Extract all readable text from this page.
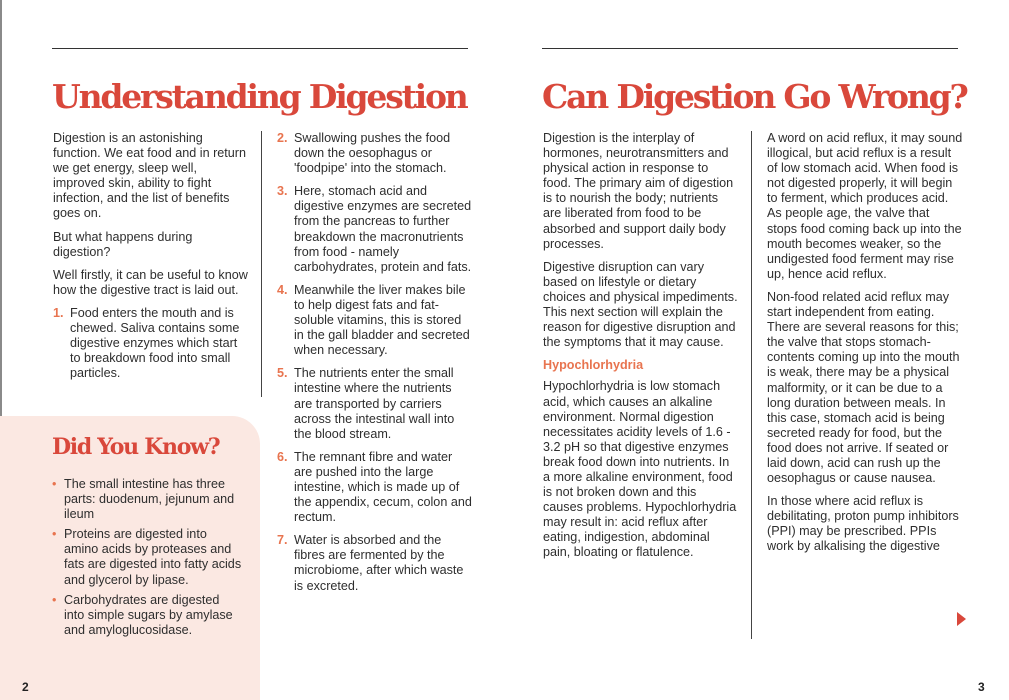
Understanding Digestion

Digestion is an astonishing function. We eat food and in return we get energy, sleep well, improved skin, ability to fight infection, and the list of benefits goes on.

But what happens during digestion?

Well firstly, it can be useful to know how the digestive tract is laid out.

1. Food enters the mouth and is chewed. Saliva contains some digestive enzymes which start to breakdown food into small particles.
2. Swallowing pushes the food down the oesophagus or 'foodpipe' into the stomach.
3. Here, stomach acid and digestive enzymes are secreted from the pancreas to further breakdown the macronutrients from food - namely carbohydrates, protein and fats.
4. Meanwhile the liver makes bile to help digest fats and fat-soluble vitamins, this is stored in the gall bladder and secreted when necessary.
5. The nutrients enter the small intestine where the nutrients are transported by carriers across the intestinal wall into the blood stream.
6. The remnant fibre and water are pushed into the large intestine, which is made up of the appendix, cecum, colon and rectum.
7. Water is absorbed and the fibres are fermented by the microbiome, after which waste is excreted.
Did You Know?
• The small intestine has three parts: duodenum, jejunum and ileum
• Proteins are digested into amino acids by proteases and fats are digested into fatty acids and glycerol by lipase.
• Carbohydrates are digested into simple sugars by amylase and amyloglucosidase.
2
Can Digestion Go Wrong?

Digestion is the interplay of hormones, neurotransmitters and physical action in response to food. The primary aim of digestion is to nourish the body; nutrients are liberated from food to be absorbed and support daily body processes.

Digestive disruption can vary based on lifestyle or dietary choices and physical impediments. This next section will explain the reason for digestive disruption and the symptoms that it may cause.

Hypochlorhydria

Hypochlorhydria is low stomach acid, which causes an alkaline environment. Normal digestion necessitates acidity levels of 1.6 - 3.2 pH so that digestive enzymes break food down into nutrients. In a more alkaline environment, food is not broken down and this causes problems. Hypochlorhydria may result in: acid reflux after eating, indigestion, abdominal pain, bloating or flatulence.

A word on acid reflux, it may sound illogical, but acid reflux is a result of low stomach acid. When food is not digested properly, it will begin to ferment, which produces acid. As people age, the valve that stops food coming back up into the mouth becomes weaker, so the undigested food ferment may rise up, hence acid reflux.

Non-food related acid reflux may start independent from eating. There are several reasons for this; the valve that stops stomach-contents coming up into the mouth is weak, there may be a physical malformity, or it can be due to a long duration between meals. In this case, stomach acid is being secreted ready for food, but the food does not arrive. If seated or laid down, acid can rush up the oesophagus or cause nausea.

In those where acid reflux is debilitating, proton pump inhibitors (PPI) may be prescribed. PPIs work by alkalising the digestive

3
